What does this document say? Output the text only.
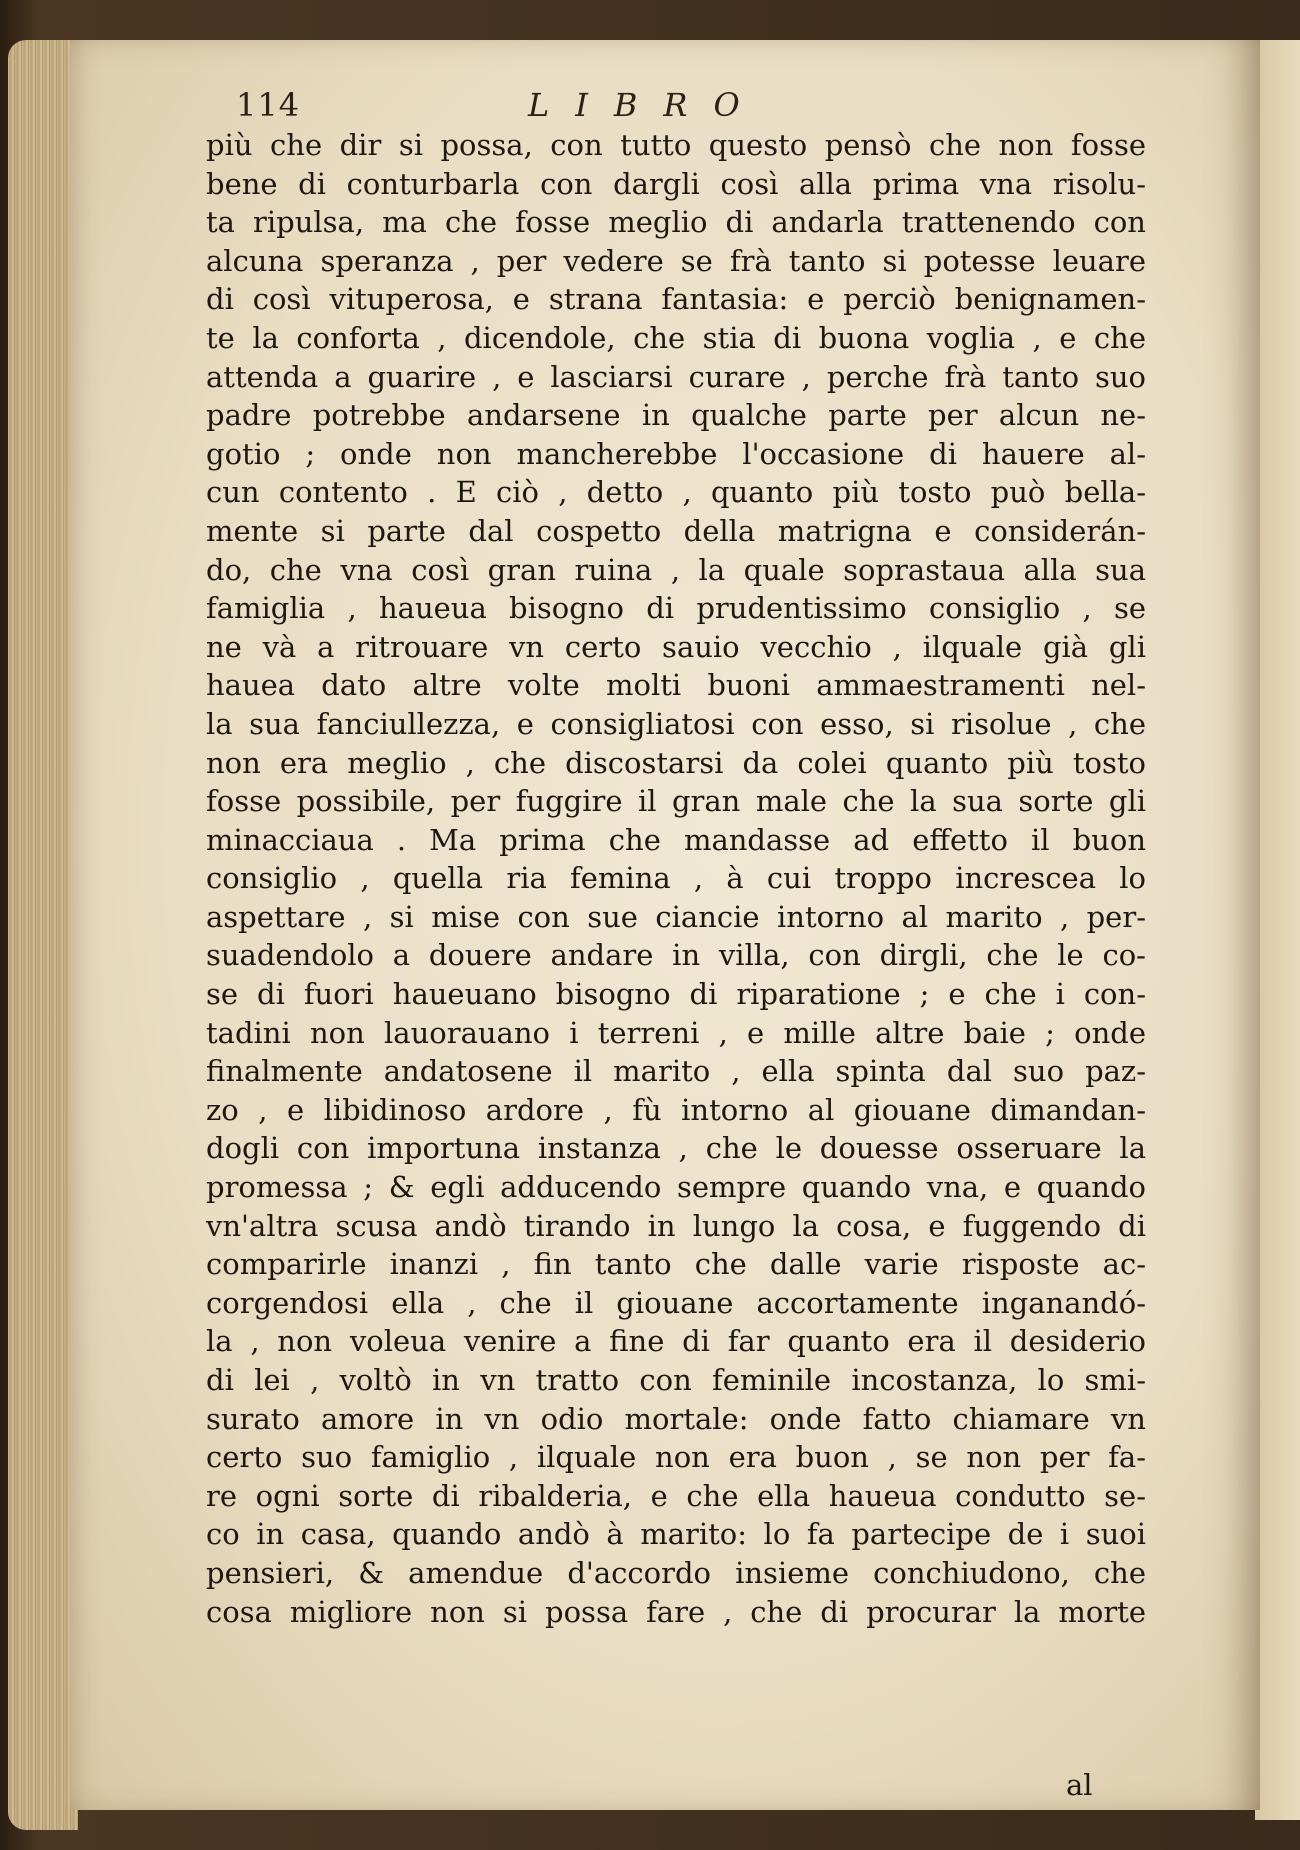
114	LIBRO
più che dir si possa, con tutto questo pensò che non fosse
bene di conturbarla con dargli così alla prima vna risolu-
ta ripulsa, ma che fosse meglio di andarla trattenendo con
alcuna speranza , per vedere se frà tanto si potesse leuare
di così vituperosa, e strana fantasia: e perciò benignamen-
te la conforta , dicendole, che stia di buona voglia , e che
attenda a guarire , e lasciarsi curare , perche frà tanto suo
padre potrebbe andarsene in qualche parte per alcun ne-
gotio ; onde non mancherebbe l'occasione di hauere al-
cun contento . E ciò , detto , quanto più tosto può bella-
mente si parte dal cospetto della matrigna e considerán-
do, che vna così gran ruina , la quale soprastaua alla sua
famiglia , haueua bisogno di prudentissimo consiglio , se
ne và a ritrouare vn certo sauio vecchio , ilquale già gli
hauea dato altre volte molti buoni ammaestramenti nel-
la sua fanciullezza, e consigliatosi con esso, si risolue , che
non era meglio , che discostarsi da colei quanto più tosto
fosse possibile, per fuggire il gran male che la sua sorte gli
minacciaua . Ma prima che mandasse ad effetto il buon
consiglio , quella ria femina , à cui troppo increscea lo
aspettare , si mise con sue ciancie intorno al marito , per-
suadendolo a douere andare in villa, con dirgli, che le co-
se di fuori haueuano bisogno di riparatione ; e che i con-
tadini non lauorauano i terreni , e mille altre baie ; onde
finalmente andatosene il marito , ella spinta dal suo paz-
zo , e libidinoso ardore , fù intorno al giouane dimandan-
dogli con importuna instanza , che le douesse osseruare la
promessa ; & egli adducendo sempre quando vna, e quando
vn'altra scusa andò tirando in lungo la cosa, e fuggendo di
comparirle inanzi , fin tanto che dalle varie risposte ac-
corgendosi ella , che il giouane accortamente inganandó-
la , non voleua venire a fine di far quanto era il desiderio
di lei , voltò in vn tratto con feminile incostanza, lo smi-
surato amore in vn odio mortale: onde fatto chiamare vn
certo suo famiglio , ilquale non era buon , se non per fa-
re ogni sorte di ribalderia, e che ella haueua condutto se-
co in casa, quando andò à marito: lo fa partecipe de i suoi
pensieri, & amendue d'accordo insieme conchiudono, che
cosa migliore non si possa fare , che di procurar la morte
al
